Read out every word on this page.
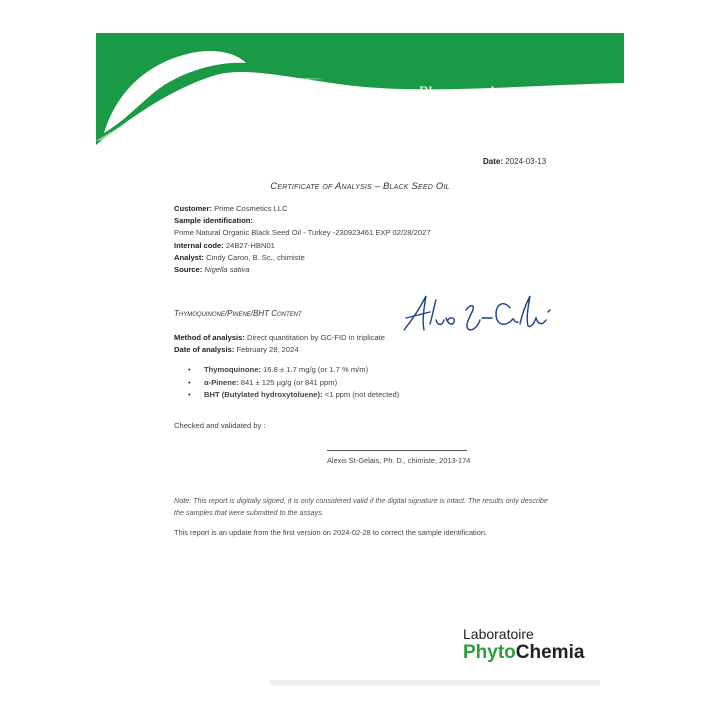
Plus que des analyses... des conseils
Date: 2024-03-13
Certificate of Analysis – Black Seed Oil
Customer: Prime Cosmetics LLC
Sample identification:
Prime Natural Organic Black Seed Oil - Turkey -230923461 EXP 02/28/2027
Internal code: 24B27-HBN01
Analyst: Cindy Caron, B. Sc., chimiste
Source: Nigella sativa
Thymoquinone/Pinene/BHT Content
Method of analysis: Direct quantitation by GC-FID in triplicate
Date of analysis: February 28, 2024
• Thymoquinone: 16.8 ± 1.7 mg/g (or 1.7 % m/m)
• α-Pinene: 841 ± 125 µg/g (or 841 ppm)
• BHT (Butylated hydroxytoluene): <1 ppm (not detected)
Checked and validated by :
Alexis St-Gelais, Ph. D., chimiste, 2013-174
Note: This report is digitally signed, it is only considered valid if the digital signature is intact. The results only describe the samples that were submitted to the assays.
This report is an update from the first version on 2024-02-28 to correct the sample identification.
Laboratoire
PhytoChemia
